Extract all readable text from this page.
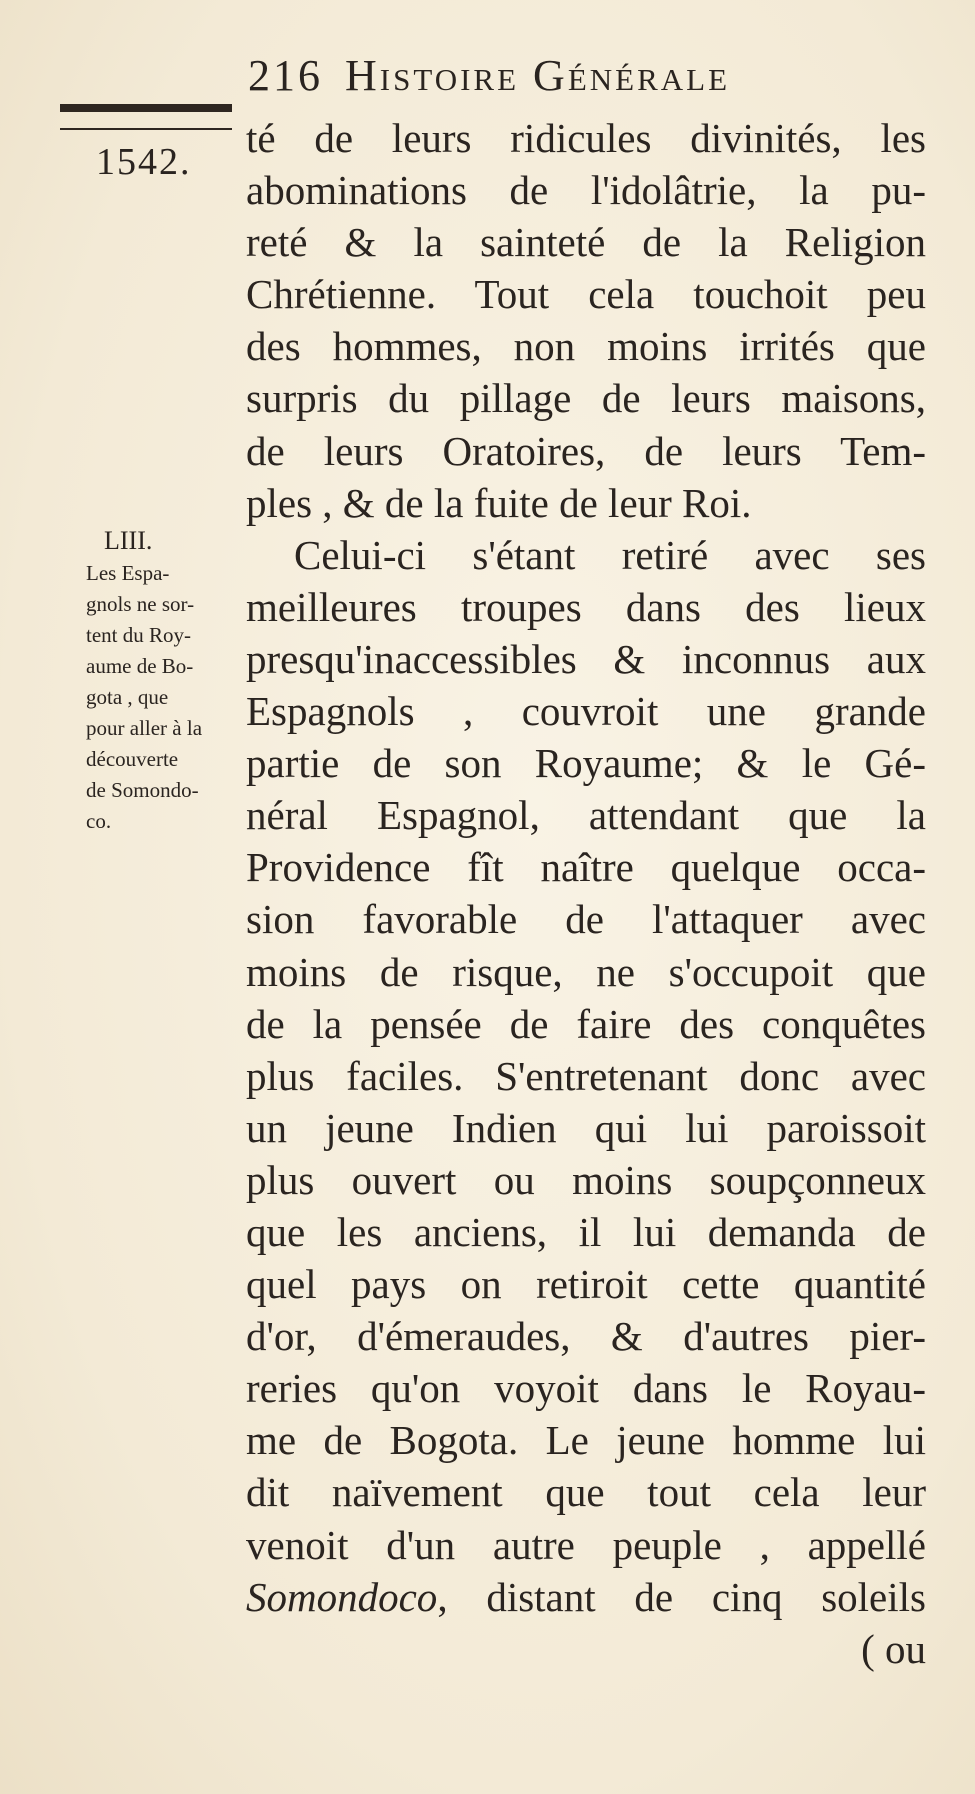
216 Histoire Générale
1542.
LIII.
Les Espa-
gnols ne sor-
tent du Roy-
aume de Bo-
gota , que
pour aller à la
découverte
de Somondo-
co.
té de leurs ridicules divinités, les
abominations de l'idolâtrie, la pu-
reté & la sainteté de la Religion
Chrétienne. Tout cela touchoit peu
des hommes, non moins irrités que
surpris du pillage de leurs maisons,
de leurs Oratoires, de leurs Tem-
ples , & de la fuite de leur Roi.
Celui-ci s'étant retiré avec ses
meilleures troupes dans des lieux
presqu'inaccessibles & inconnus aux
Espagnols , couvroit une grande
partie de son Royaume; & le Gé-
néral Espagnol, attendant que la
Providence fît naître quelque occa-
sion favorable de l'attaquer avec
moins de risque, ne s'occupoit que
de la pensée de faire des conquêtes
plus faciles. S'entretenant donc avec
un jeune Indien qui lui paroissoit
plus ouvert ou moins soupçonneux
que les anciens, il lui demanda de
quel pays on retiroit cette quantité
d'or, d'émeraudes, & d'autres pier-
reries qu'on voyoit dans le Royau-
me de Bogota. Le jeune homme lui
dit naïvement que tout cela leur
venoit d'un autre peuple , appellé
Somondoco, distant de cinq soleils
( ou
